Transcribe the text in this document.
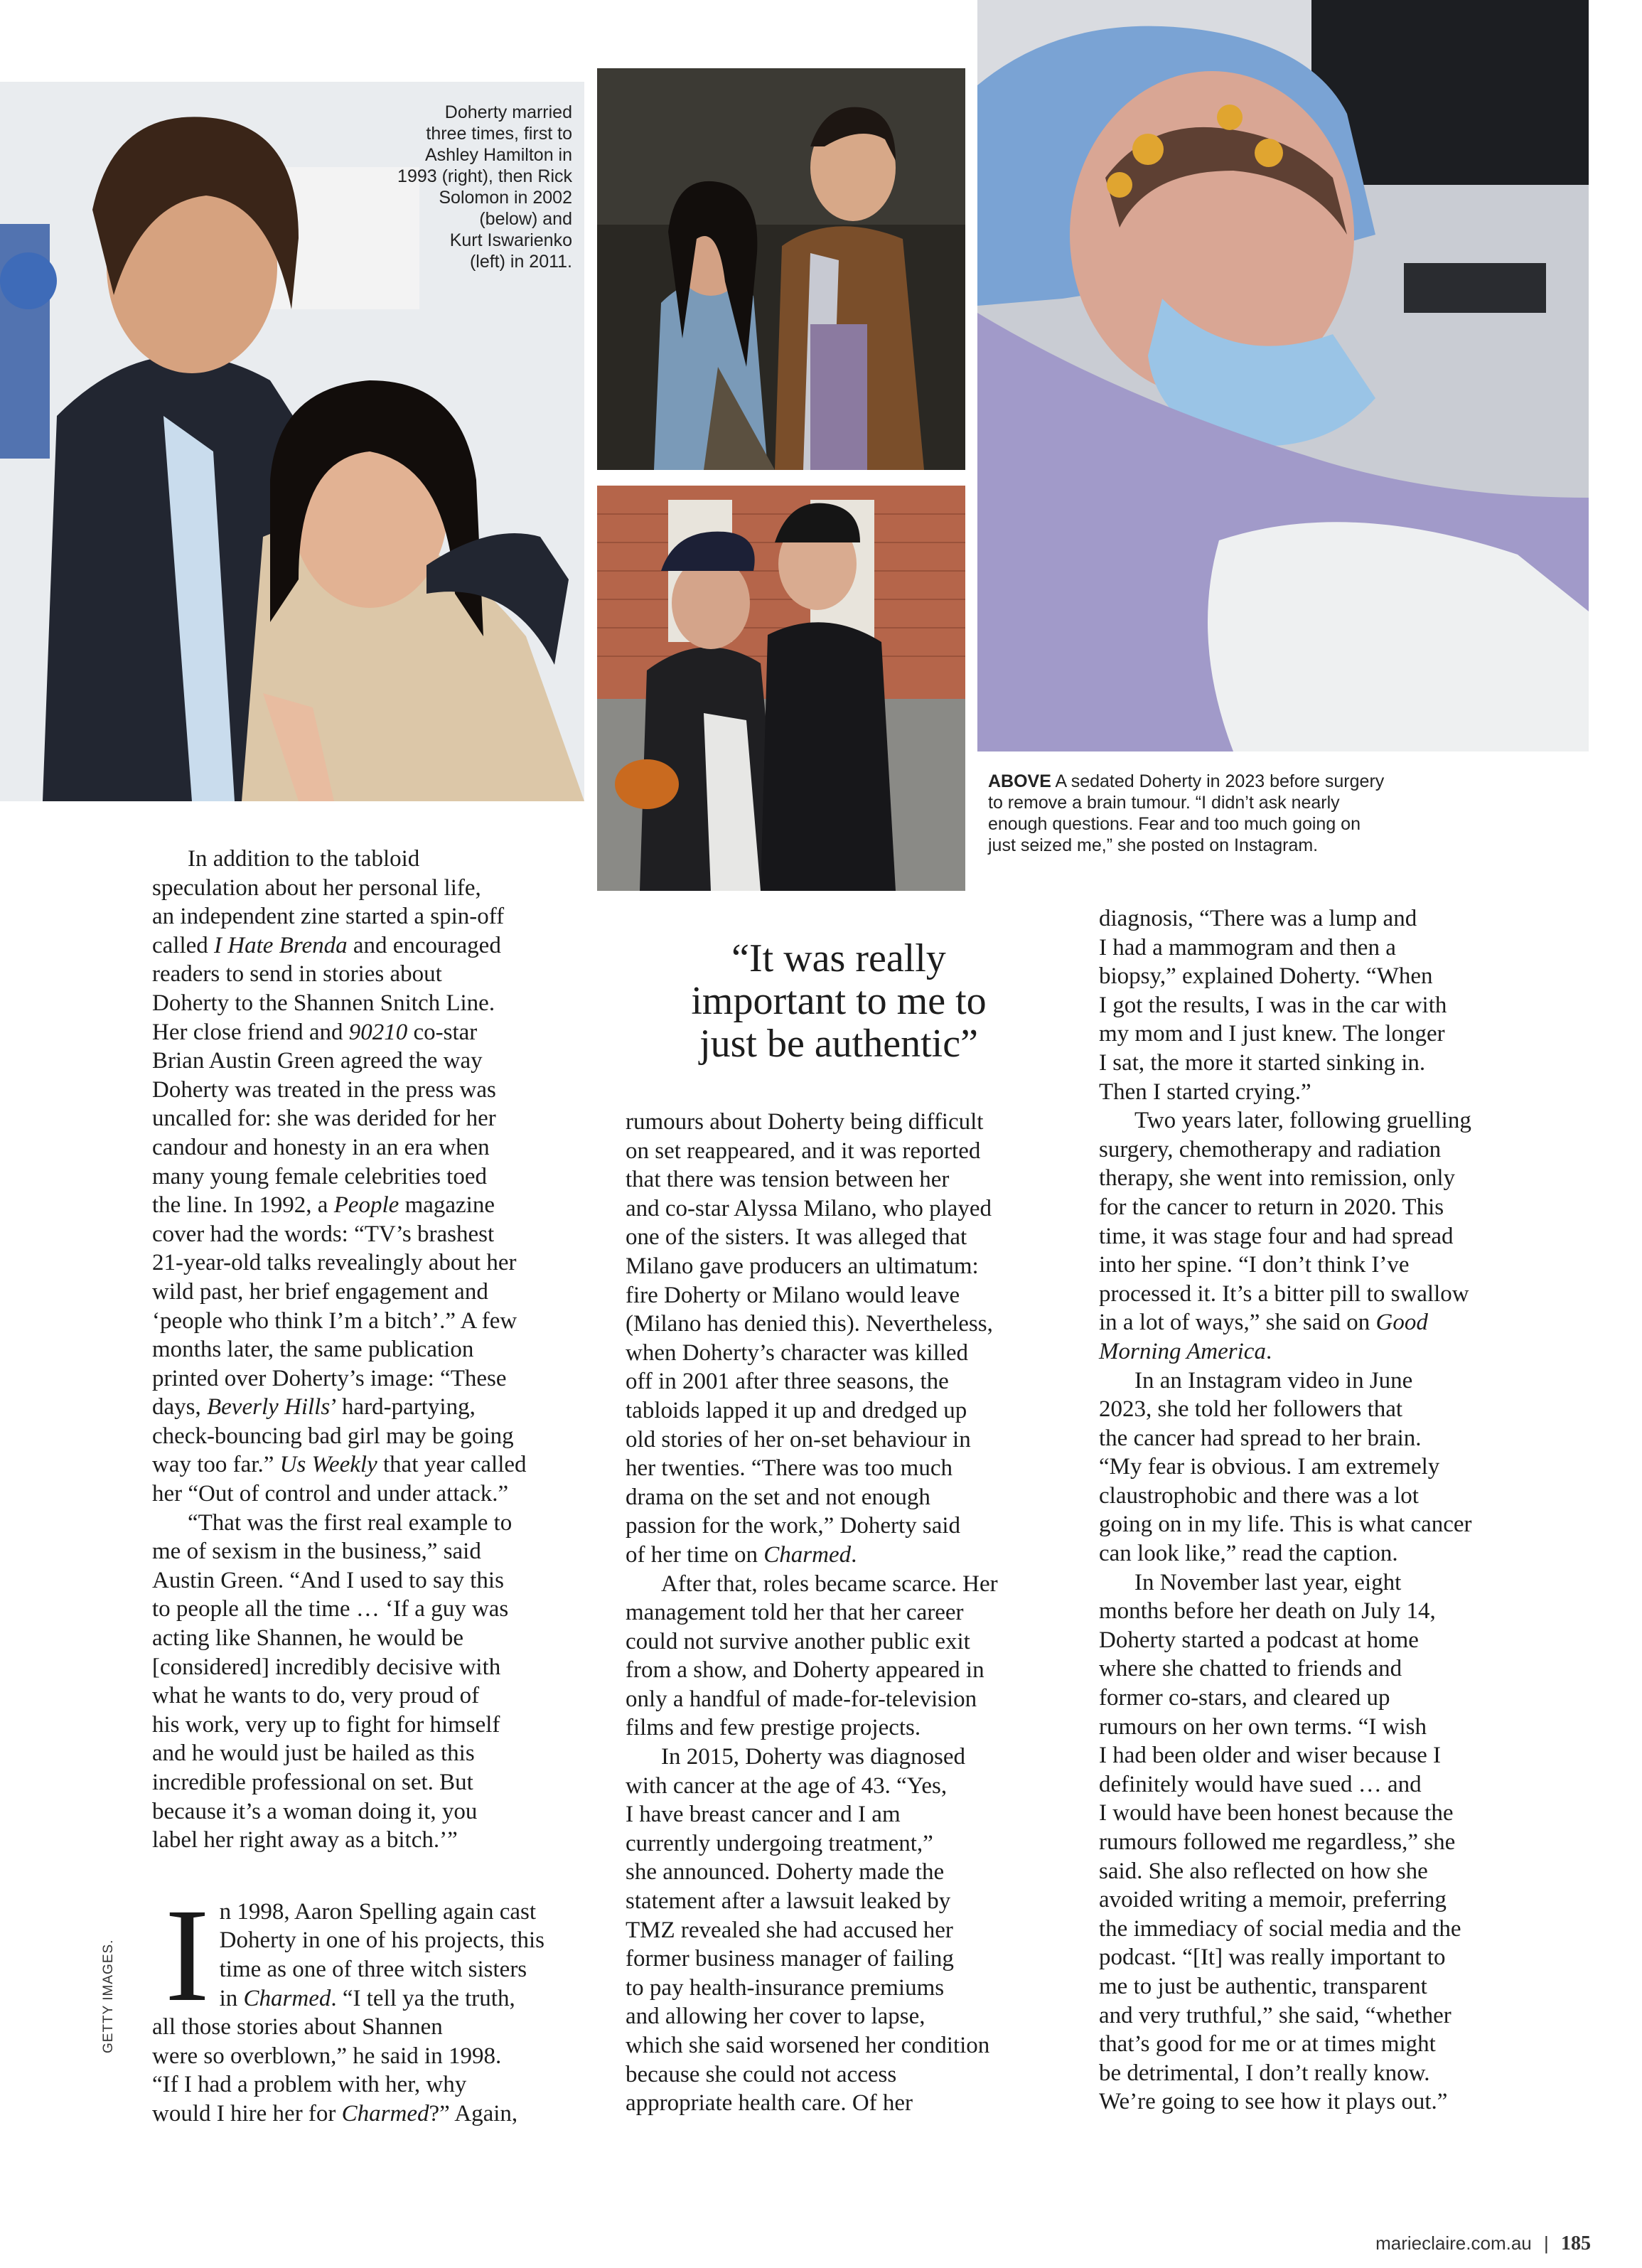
Doherty married
three times, first to
Ashley Hamilton in
1993 (right), then Rick
Solomon in 2002
(below) and
Kurt Iswarienko
(left) in 2011.
ABOVE A sedated Doherty in 2023 before surgery
to remove a brain tumour. “I didn’t ask nearly
enough questions. Fear and too much going on
just seized me,” she posted on Instagram.
“It was really
important to me to
just be authentic”

In addition to the tabloid
speculation about her personal life,
an independent zine started a spin-off
called I Hate Brenda and encouraged
readers to send in stories about
Doherty to the Shannen Snitch Line.
Her close friend and 90210 co-star
Brian Austin Green agreed the way
Doherty was treated in the press was
uncalled for: she was derided for her
candour and honesty in an era when
many young female celebrities toed
the line. In 1992, a People magazine
cover had the words: “TV’s brashest
21-year-old talks revealingly about her
wild past, her brief engagement and
‘people who think I’m a bitch’.” A few
months later, the same publication
printed over Doherty’s image: “These
days, Beverly Hills’ hard-partying,
check-bouncing bad girl may be going
way too far.” Us Weekly that year called
her “Out of control and under attack.”

“That was the first real example to
me of sexism in the business,” said
Austin Green. “And I used to say this
to people all the time … ‘If a guy was
acting like Shannen, he would be
[considered] incredibly decisive with
what he wants to do, very proud of
his work, very up to fight for himself
and he would just be hailed as this
incredible professional on set. But
because it’s a woman doing it, you
label her right away as a bitch.’”

In 1998, Aaron Spelling again cast
Doherty in one of his projects, this
time as one of three witch sisters
in Charmed. “I tell ya the truth,
all those stories about Shannen
were so overblown,” he said in 1998.
“If I had a problem with her, why
would I hire her for Charmed?” Again,

rumours about Doherty being difficult
on set reappeared, and it was reported
that there was tension between her
and co-star Alyssa Milano, who played
one of the sisters. It was alleged that
Milano gave producers an ultimatum:
fire Doherty or Milano would leave
(Milano has denied this). Nevertheless,
when Doherty’s character was killed
off in 2001 after three seasons, the
tabloids lapped it up and dredged up
old stories of her on-set behaviour in
her twenties. “There was too much
drama on the set and not enough
passion for the work,” Doherty said
of her time on Charmed.

After that, roles became scarce. Her
management told her that her career
could not survive another public exit
from a show, and Doherty appeared in
only a handful of made-for-television
films and few prestige projects.

In 2015, Doherty was diagnosed
with cancer at the age of 43. “Yes,
I have breast cancer and I am
currently undergoing treatment,”
she announced. Doherty made the
statement after a lawsuit leaked by
TMZ revealed she had accused her
former business manager of failing
to pay health-insurance premiums
and allowing her cover to lapse,
which she said worsened her condition
because she could not access
appropriate health care. Of her

diagnosis, “There was a lump and
I had a mammogram and then a
biopsy,” explained Doherty. “When
I got the results, I was in the car with
my mom and I just knew. The longer
I sat, the more it started sinking in.
Then I started crying.”

Two years later, following gruelling
surgery, chemotherapy and radiation
therapy, she went into remission, only
for the cancer to return in 2020. This
time, it was stage four and had spread
into her spine. “I don’t think I’ve
processed it. It’s a bitter pill to swallow
in a lot of ways,” she said on Good
Morning America.

In an Instagram video in June
2023, she told her followers that
the cancer had spread to her brain.
“My fear is obvious. I am extremely
claustrophobic and there was a lot
going on in my life. This is what cancer
can look like,” read the caption.

In November last year, eight
months before her death on July 14,
Doherty started a podcast at home
where she chatted to friends and
former co-stars, and cleared up
rumours on her own terms. “I wish
I had been older and wiser because I
definitely would have sued … and
I would have been honest because the
rumours followed me regardless,” she
said. She also reflected on how she
avoided writing a memoir, preferring
the immediacy of social media and the
podcast. “[It] was really important to
me to just be authentic, transparent
and very truthful,” she said, “whether
that’s good for me or at times might
be detrimental, I don’t really know.
We’re going to see how it plays out.”

GETTY IMAGES.
marieclaire.com.au | 185
